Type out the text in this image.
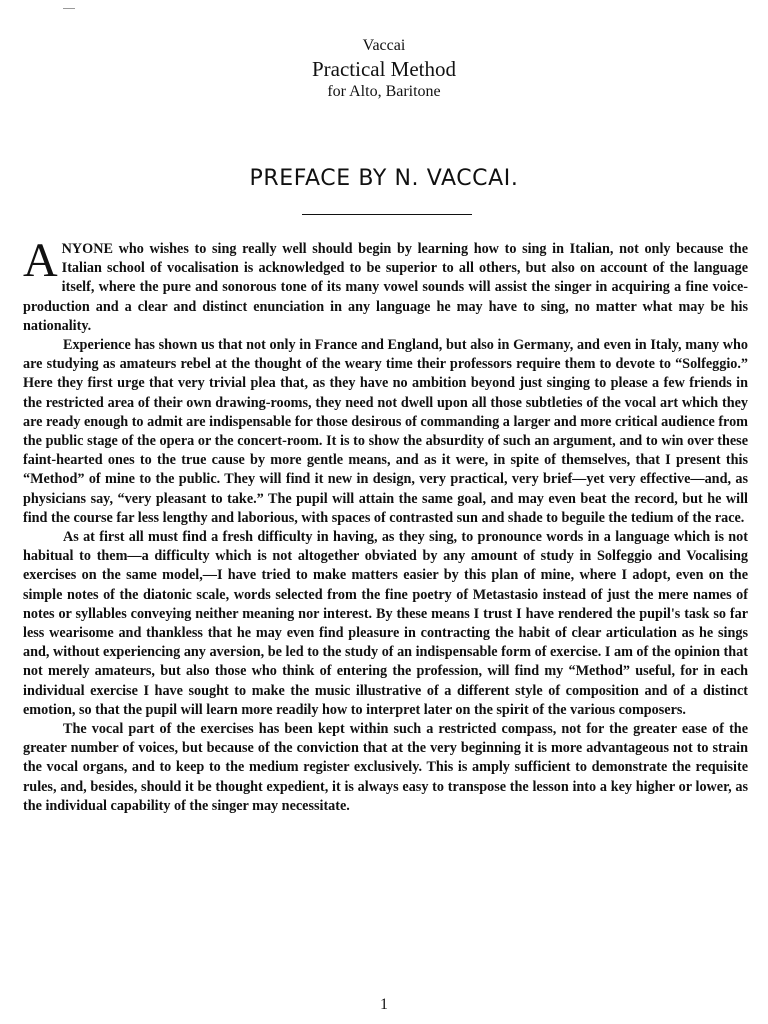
Vaccai
Practical Method
for Alto, Baritone
PREFACE BY N. VACCAI.

ANYONE who wishes to sing really well should begin by learning how to sing in Italian, not only because the Italian school of vocalisation is acknowledged to be superior to all others, but also on account of the language itself, where the pure and sonorous tone of its many vowel sounds will assist the singer in acquiring a fine voice-production and a clear and distinct enunciation in any language he may have to sing, no matter what may be his nationality.

Experience has shown us that not only in France and England, but also in Germany, and even in Italy, many who are studying as amateurs rebel at the thought of the weary time their professors require them to devote to “Solfeggio.” Here they first urge that very trivial plea that, as they have no ambition beyond just singing to please a few friends in the restricted area of their own drawing-rooms, they need not dwell upon all those subtleties of the vocal art which they are ready enough to admit are indispensable for those desirous of commanding a larger and more critical audience from the public stage of the opera or the concert-room. It is to show the absurdity of such an argument, and to win over these faint-hearted ones to the true cause by more gentle means, and as it were, in spite of themselves, that I present this “Method” of mine to the public. They will find it new in design, very practical, very brief—yet very effective—and, as physicians say, “very pleasant to take.” The pupil will attain the same goal, and may even beat the record, but he will find the course far less lengthy and laborious, with spaces of contrasted sun and shade to beguile the tedium of the race.

As at first all must find a fresh difficulty in having, as they sing, to pronounce words in a language which is not habitual to them—a difficulty which is not altogether obviated by any amount of study in Solfeggio and Vocalising exercises on the same model,—I have tried to make matters easier by this plan of mine, where I adopt, even on the simple notes of the diatonic scale, words selected from the fine poetry of Metastasio instead of just the mere names of notes or syllables conveying neither meaning nor interest. By these means I trust I have rendered the pupil's task so far less wearisome and thankless that he may even find pleasure in contracting the habit of clear articulation as he sings and, without experiencing any aversion, be led to the study of an indispensable form of exercise. I am of the opinion that not merely amateurs, but also those who think of entering the profession, will find my “Method” useful, for in each individual exercise I have sought to make the music illustrative of a different style of composition and of a distinct emotion, so that the pupil will learn more readily how to interpret later on the spirit of the various composers.

The vocal part of the exercises has been kept within such a restricted compass, not for the greater ease of the greater number of voices, but because of the conviction that at the very beginning it is more advantageous not to strain the vocal organs, and to keep to the medium register exclusively. This is amply sufficient to demonstrate the requisite rules, and, besides, should it be thought expedient, it is always easy to transpose the lesson into a key higher or lower, as the individual capability of the singer may necessitate.

1
